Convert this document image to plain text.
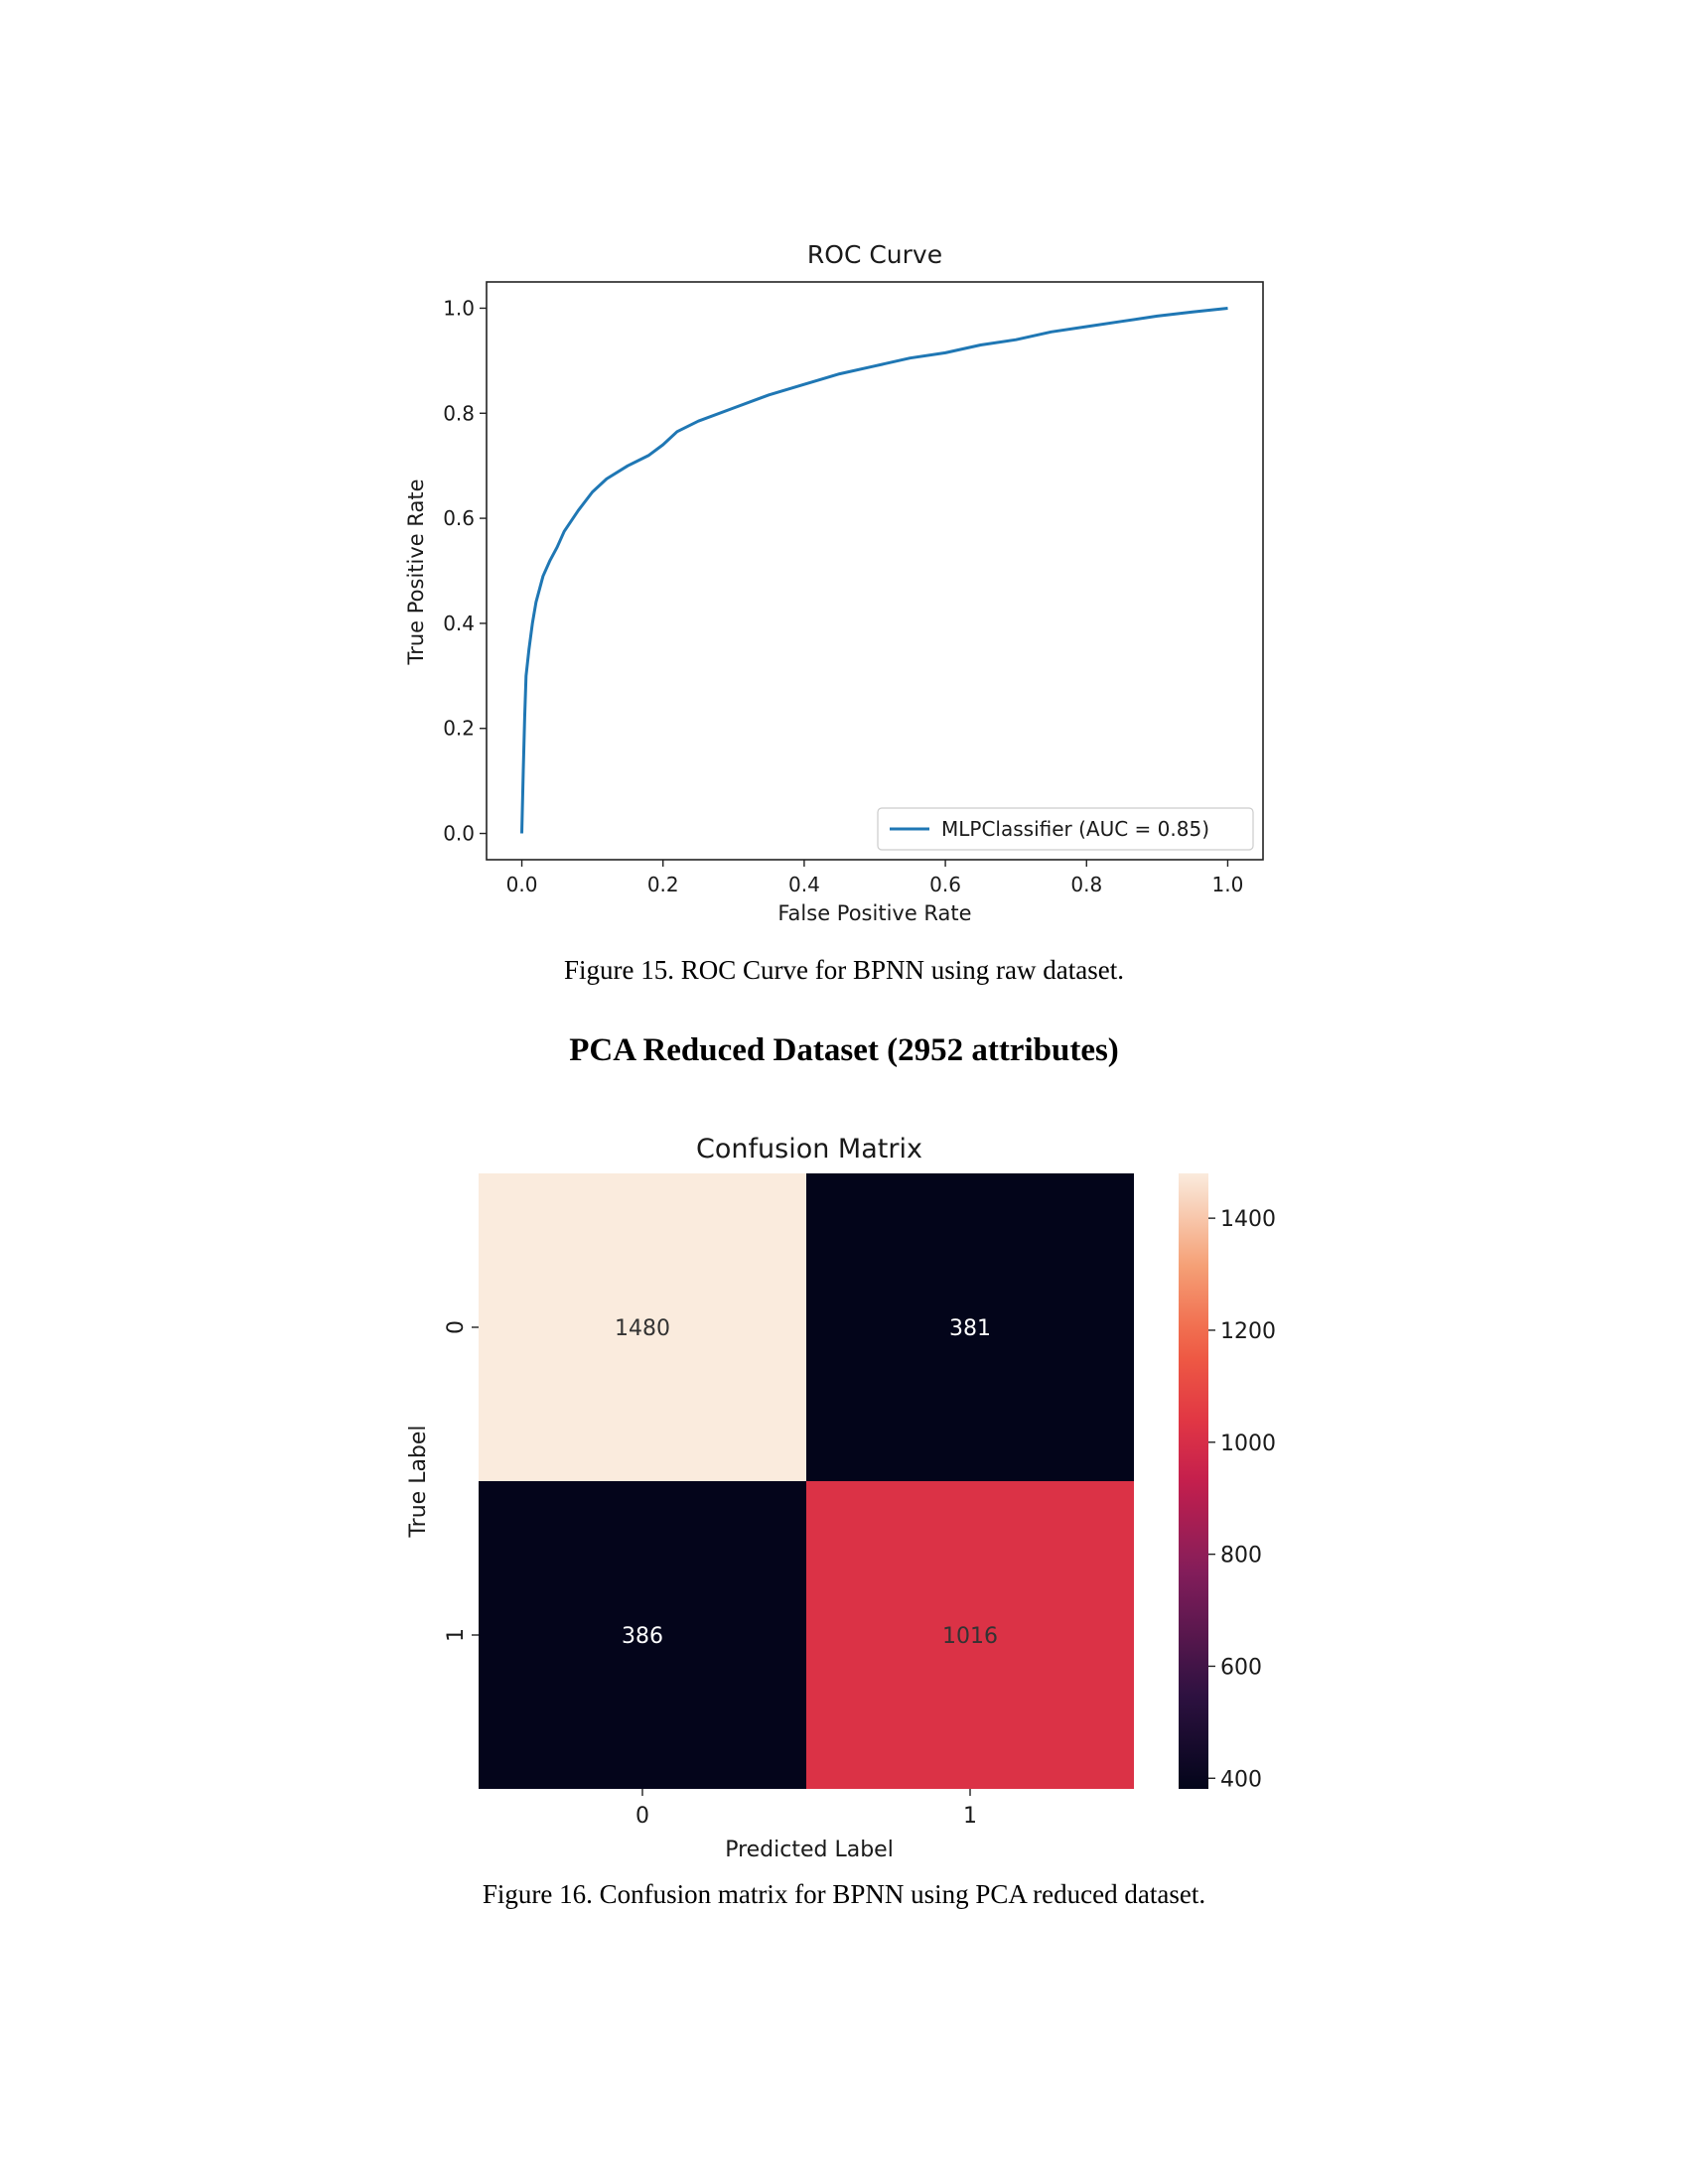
ROC Curve
False Positive Rate
True Positive Rate
0.0	0.2	0.4	0.6	0.8	1.0
0.0
0.2
0.4
0.6
0.8
1.0
MLPClassifier (AUC = 0.85)
Figure 15. ROC Curve for BPNN using raw dataset.
PCA Reduced Dataset (2952 attributes)
Confusion Matrix
Predicted Label
True Label
1480	381
386	1016
0	1
0
1
400
600
800
1000
1200
1400
Figure 16. Confusion matrix for BPNN using PCA reduced dataset.
